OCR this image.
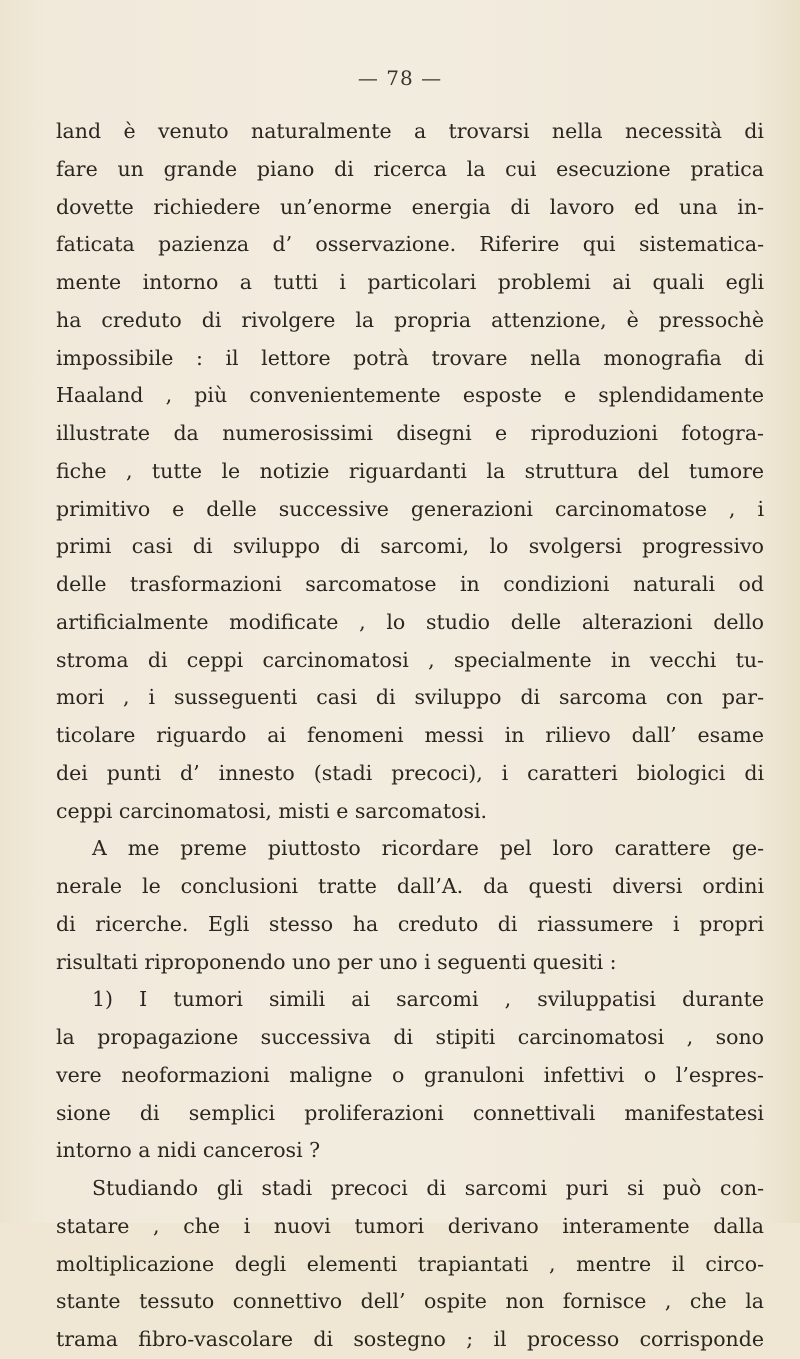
— 78 —
land è venuto naturalmente a trovarsi nella necessità di
fare un grande piano di ricerca la cui esecuzione pratica
dovette richiedere un’enorme energia di lavoro ed una in-
faticata pazienza d’ osservazione. Riferire qui sistematica-
mente intorno a tutti i particolari problemi ai quali egli
ha creduto di rivolgere la propria attenzione, è pressochè
impossibile : il lettore potrà trovare nella monografia di
Haaland , più convenientemente esposte e splendidamente
illustrate da numerosissimi disegni e riproduzioni fotogra-
fiche , tutte le notizie riguardanti la struttura del tumore
primitivo e delle successive generazioni carcinomatose , i
primi casi di sviluppo di sarcomi, lo svolgersi progressivo
delle trasformazioni sarcomatose in condizioni naturali od
artificialmente modificate , lo studio delle alterazioni dello
stroma di ceppi carcinomatosi , specialmente in vecchi tu-
mori , i susseguenti casi di sviluppo di sarcoma con par-
ticolare riguardo ai fenomeni messi in rilievo dall’ esame
dei punti d’ innesto (stadi precoci), i caratteri biologici di
ceppi carcinomatosi, misti e sarcomatosi.
A me preme piuttosto ricordare pel loro carattere ge-
nerale le conclusioni tratte dall’A. da questi diversi ordini
di ricerche. Egli stesso ha creduto di riassumere i propri
risultati riproponendo uno per uno i seguenti quesiti :
1) I tumori simili ai sarcomi , sviluppatisi durante
la propagazione successiva di stipiti carcinomatosi , sono
vere neoformazioni maligne o granuloni infettivi o l’espres-
sione di semplici proliferazioni connettivali manifestatesi
intorno a nidi cancerosi ?
Studiando gli stadi precoci di sarcomi puri si può con-
statare , che i nuovi tumori derivano interamente dalla
moltiplicazione degli elementi trapiantati , mentre il circo-
stante tessuto connettivo dell’ ospite non fornisce , che la
trama fibro-vascolare di sostegno ; il processo corrisponde
